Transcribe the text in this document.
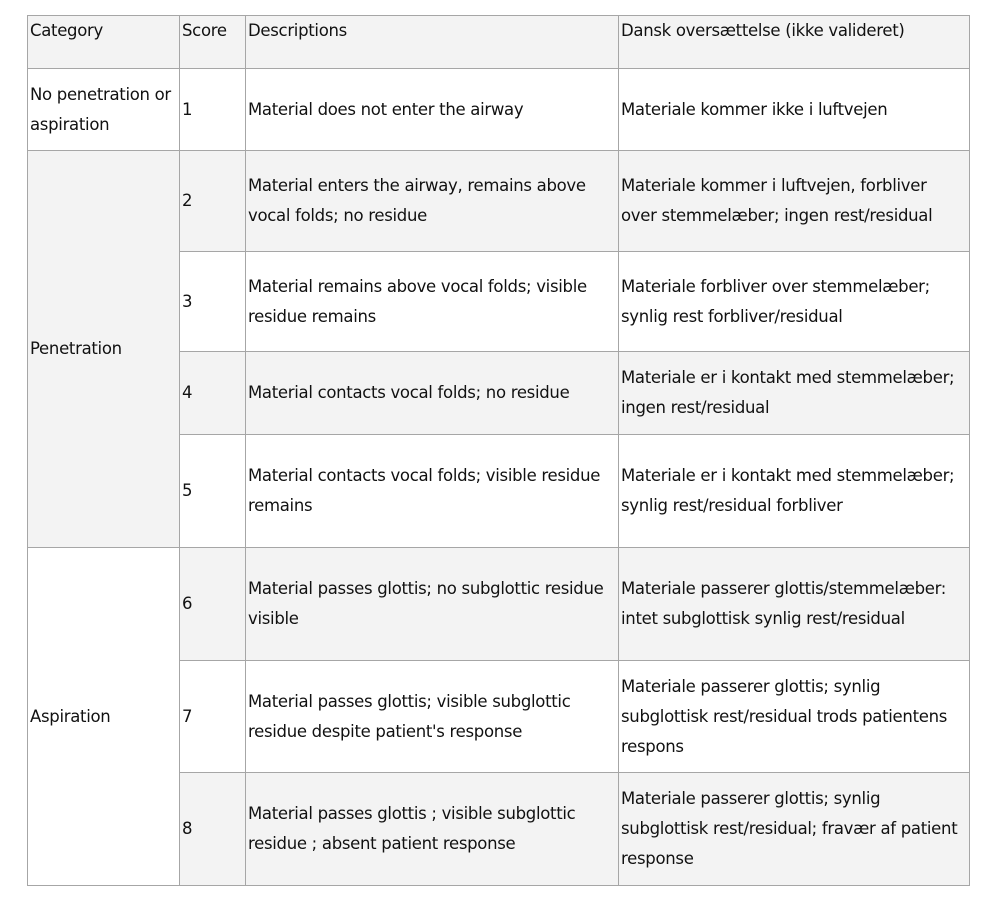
Category	Score	Descriptions	Dansk oversættelse (ikke valideret)
No penetration or aspiration	1	Material does not enter the airway	Materiale kommer ikke i luftvejen
Penetration	2	Material enters the airway, remains above vocal folds; no residue	Materiale kommer i luftvejen, forbliver over stemmelæber; ingen rest/residual
	3	Material remains above vocal folds; visible residue remains	Materiale forbliver over stemmelæber; synlig rest forbliver/residual
	4	Material contacts vocal folds; no residue	Materiale er i kontakt med stemmelæber; ingen rest/residual
	5	Material contacts vocal folds; visible residue remains	Materiale er i kontakt med stemmelæber; synlig rest/residual forbliver
Aspiration	6	Material passes glottis; no subglottic residue visible	Materiale passerer glottis/stemmelæber: intet subglottisk synlig rest/residual
	7	Material passes glottis; visible subglottic residue despite patient's response	Materiale passerer glottis; synlig subglottisk rest/residual trods patientens respons
	8	Material passes glottis ; visible subglottic residue ; absent patient response	Materiale passerer glottis; synlig subglottisk rest/residual; fravær af patient response
